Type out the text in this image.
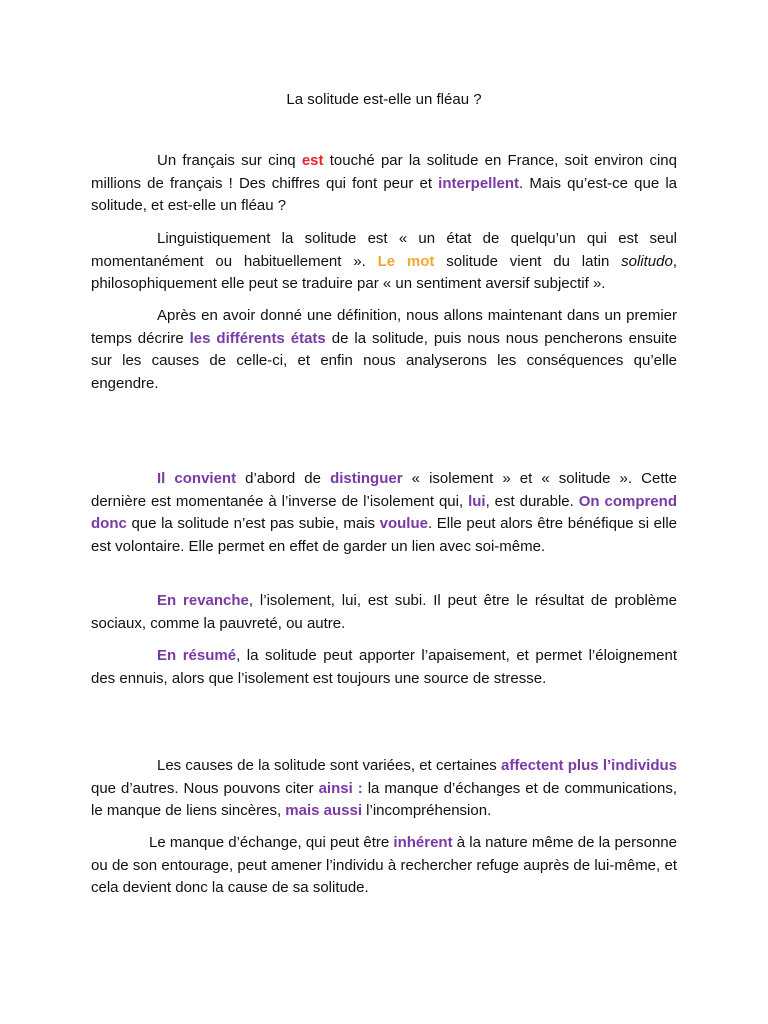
La solitude est-elle un fléau ?

Un français sur cinq est touché par la solitude en France, soit environ cinq millions de français ! Des chiffres qui font peur et interpellent. Mais qu’est-ce que la solitude, et est-elle un fléau ?

Linguistiquement la solitude est « un état de quelqu’un qui est seul momentanément ou habituellement ». Le mot solitude vient du latin solitudo, philosophiquement elle peut se traduire par « un sentiment aversif subjectif ».

Après en avoir donné une définition, nous allons maintenant dans un premier temps décrire les différents états de la solitude, puis nous nous pencherons ensuite sur les causes de celle-ci, et enfin nous analyserons les conséquences qu’elle engendre.

Il convient d’abord de distinguer « isolement » et « solitude ». Cette dernière est momentanée à l’inverse de l’isolement qui, lui, est durable. On comprend donc que la solitude n’est pas subie, mais voulue. Elle peut alors être bénéfique si elle est volontaire. Elle permet en effet de garder un lien avec soi-même.

En revanche, l’isolement, lui, est subi. Il peut être le résultat de problème sociaux, comme la pauvreté, ou autre.

En résumé, la solitude peut apporter l’apaisement, et permet l’éloignement des ennuis, alors que l’isolement est toujours une source de stresse.

Les causes de la solitude sont variées, et certaines affectent plus l’individus que d’autres. Nous pouvons citer ainsi : la manque d’échanges et de communications, le manque de liens sincères, mais aussi l’incompréhension.

Le manque d’échange, qui peut être inhérent à la nature même de la personne ou de son entourage, peut amener l’individu à rechercher refuge auprès de lui-même, et cela devient donc la cause de sa solitude.
